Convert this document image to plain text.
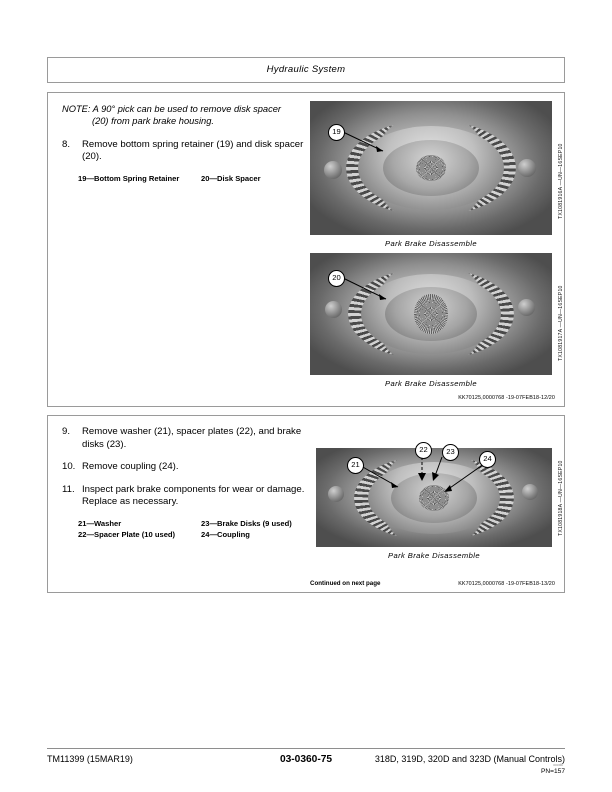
Hydraulic System
NOTE: A 90° pick can be used to remove disk spacer
(20) from park brake housing.
8.	Remove bottom spring retainer (19) and disk spacer (20).
19— Bottom Spring Retainer	20— Disk Spacer
19
Park Brake Disassemble
TX1081916A —UN—16SEP10
20
Park Brake Disassemble
TX1081917A —UN—16SEP10
KK70125,0000768 -19-07FEB18-12/20
9.	Remove washer (21), spacer plates (22), and brake disks (23).
10. Remove coupling (24).
11. Inspect park brake components for wear or damage. Replace as necessary.
21— Washer	23— Brake Disks (9 used)
22— Spacer Plate (10 used)	24— Coupling
21
22	23
24
Park Brake Disassemble
TX1081918A —UN—16SEP10
Continued on next page	KK70125,0000768 -19-07FEB18-13/20
TM11399 (15MAR19)	03-0360-75	318D, 319D, 320D and 323D (Manual Controls)
cccdk
PN=157
